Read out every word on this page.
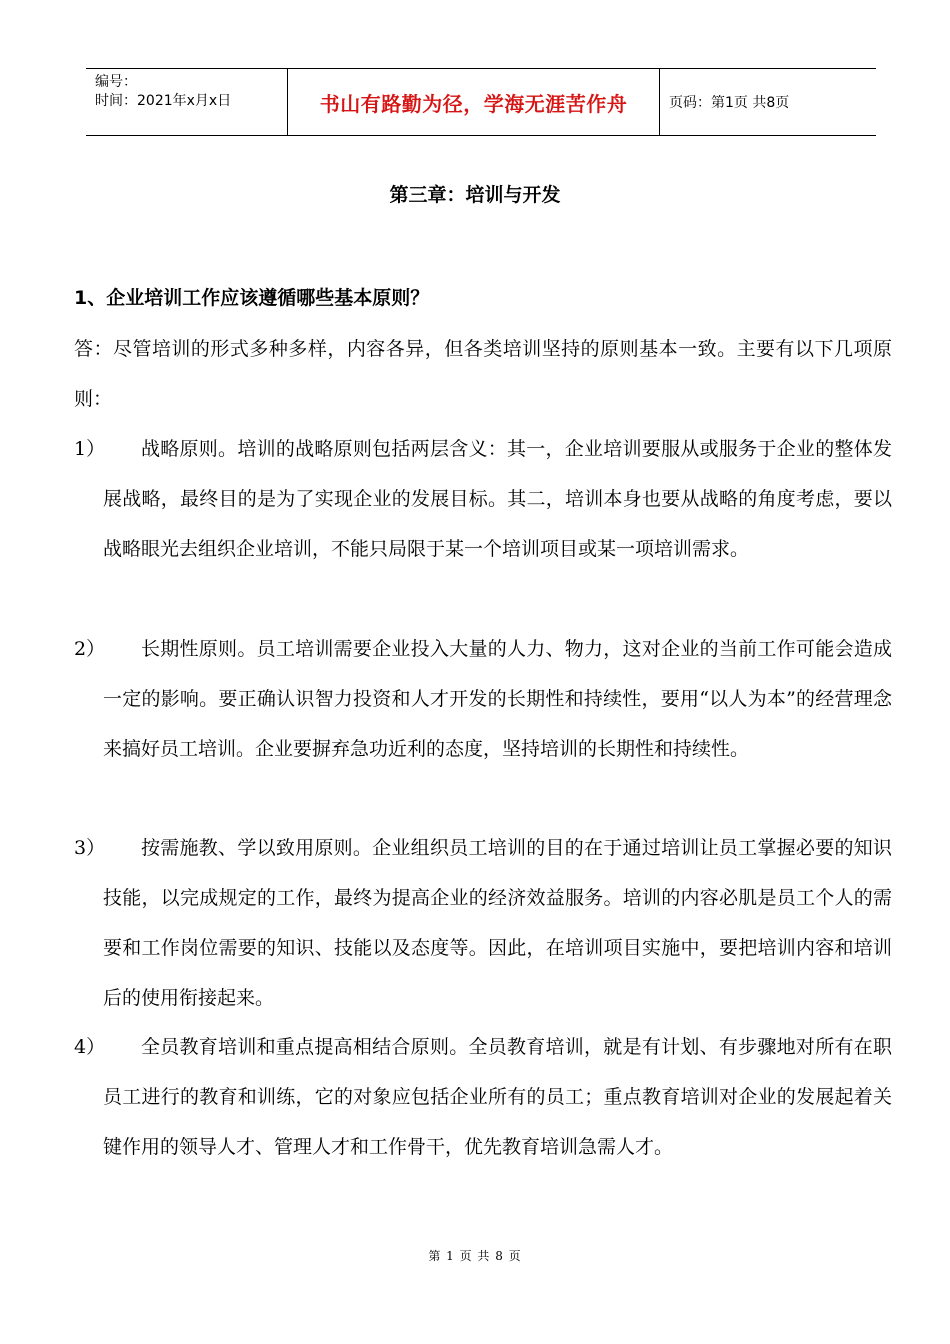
编号：
时间：2021年x月x日	书山有路勤为径，学海无涯苦作舟	页码：第1页 共8页
第三章：培训与开发
1、企业培训工作应该遵循哪些基本原则？
答：尽管培训的形式多种多样，内容各异，但各类培训坚持的原则基本一致。主要有以下几项原则：
1）	战略原则。培训的战略原则包括两层含义：其一，企业培训要服从或服务于企业的整体发展战略，最终目的是为了实现企业的发展目标。其二，培训本身也要从战略的角度考虑，要以战略眼光去组织企业培训，不能只局限于某一个培训项目或某一项培训需求。
2）	长期性原则。员工培训需要企业投入大量的人力、物力，这对企业的当前工作可能会造成一定的影响。要正确认识智力投资和人才开发的长期性和持续性，要用“以人为本”的经营理念来搞好员工培训。企业要摒弃急功近利的态度，坚持培训的长期性和持续性。
3）	按需施教、学以致用原则。企业组织员工培训的目的在于通过培训让员工掌握必要的知识技能，以完成规定的工作，最终为提高企业的经济效益服务。培训的内容必肌是员工个人的需要和工作岗位需要的知识、技能以及态度等。因此，在培训项目实施中，要把培训内容和培训后的使用衔接起来。
4）	全员教育培训和重点提高相结合原则。全员教育培训，就是有计划、有步骤地对所有在职员工进行的教育和训练，它的对象应包括企业所有的员工；重点教育培训对企业的发展起着关键作用的领导人才、管理人才和工作骨干，优先教育培训急需人才。
第 1 页 共 8 页
